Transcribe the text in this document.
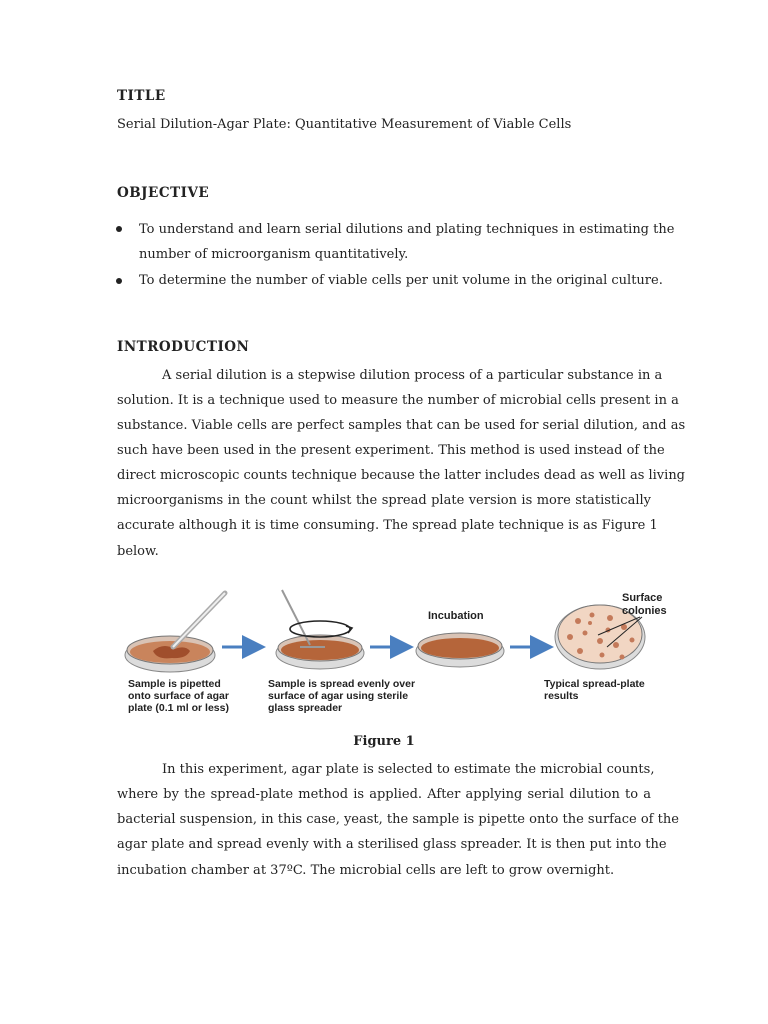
TITLE
Serial Dilution-Agar Plate: Quantitative Measurement of Viable Cells
OBJECTIVE
To understand and learn serial dilutions and plating techniques in estimating the
number of microorganism quantitatively.
To determine the number of viable cells per unit volume in the original culture.
INTRODUCTION
A serial dilution is a stepwise dilution process of a particular substance in a
solution. It is a technique used to measure the number of microbial cells present in a
substance. Viable cells are perfect samples that can be used for serial dilution, and as
such have been used in the present experiment. This method is used instead of the
direct microscopic counts technique because the latter includes dead as well as living
microorganisms in the count whilst the spread plate version is more statistically
accurate although it is time consuming. The spread plate technique is as Figure 1
below.
Incubation
Surface
colonies
Sample is pipetted
onto surface of agar
plate (0.1 ml or less)
Sample is spread evenly over
surface of agar using sterile
glass spreader
Typical spread-plate
results
Figure 1
In this experiment, agar plate is selected to estimate the microbial counts,
where by the spread-plate method is applied. After applying serial dilution to a
bacterial suspension, in this case, yeast, the sample is pipette onto the surface of the
agar plate and spread evenly with a sterilised glass spreader. It is then put into the
incubation chamber at 37ºC. The microbial cells are left to grow overnight.
